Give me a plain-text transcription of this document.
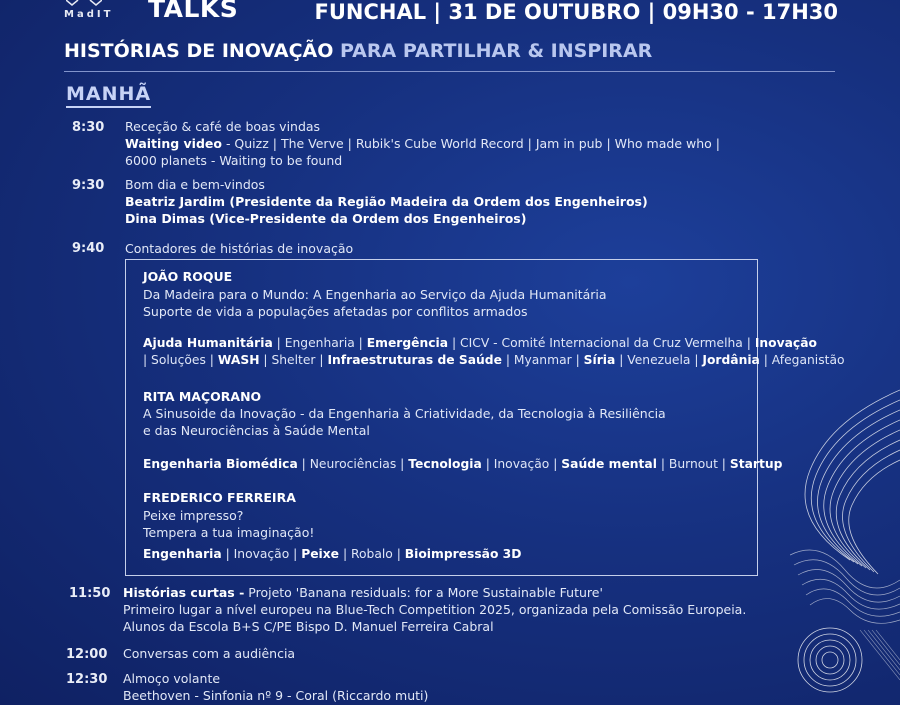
MadIT TALKS	FUNCHAL | 31 DE OUTUBRO | 09H30 - 17H30
HISTÓRIAS DE INOVAÇÃO PARA PARTILHAR & INSPIRAR
MANHÃ
8:30 Receção & café de boas vindas
Waiting video - Quizz | The Verve | Rubik's Cube World Record | Jam in pub | Who made who |
6000 planets - Waiting to be found
9:30 Bom dia e bem-vindos
Beatriz Jardim (Presidente da Região Madeira da Ordem dos Engenheiros)
Dina Dimas (Vice-Presidente da Ordem dos Engenheiros)
9:40 Contadores de histórias de inovação
JOÃO ROQUE
Da Madeira para o Mundo: A Engenharia ao Serviço da Ajuda Humanitária
Suporte de vida a populações afetadas por conflitos armados
Ajuda Humanitária | Engenharia | Emergência | CICV - Comité Internacional da Cruz Vermelha | Inovação
| Soluções | WASH | Shelter | Infraestruturas de Saúde | Myanmar | Síria | Venezuela | Jordânia | Afeganistão
RITA MAÇORANO
A Sinusoide da Inovação - da Engenharia à Criatividade, da Tecnologia à Resiliência
e das Neurociências à Saúde Mental
Engenharia Biomédica | Neurociências | Tecnologia | Inovação | Saúde mental | Burnout | Startup
FREDERICO FERREIRA
Peixe impresso?
Tempera a tua imaginação!
Engenharia | Inovação | Peixe | Robalo | Bioimpressão 3D
11:50 Histórias curtas - Projeto 'Banana residuals: for a More Sustainable Future'
Primeiro lugar a nível europeu na Blue-Tech Competition 2025, organizada pela Comissão Europeia.
Alunos da Escola B+S C/PE Bispo D. Manuel Ferreira Cabral
12:00 Conversas com a audiência
12:30 Almoço volante
Beethoven - Sinfonia nº 9 - Coral (Riccardo muti)
